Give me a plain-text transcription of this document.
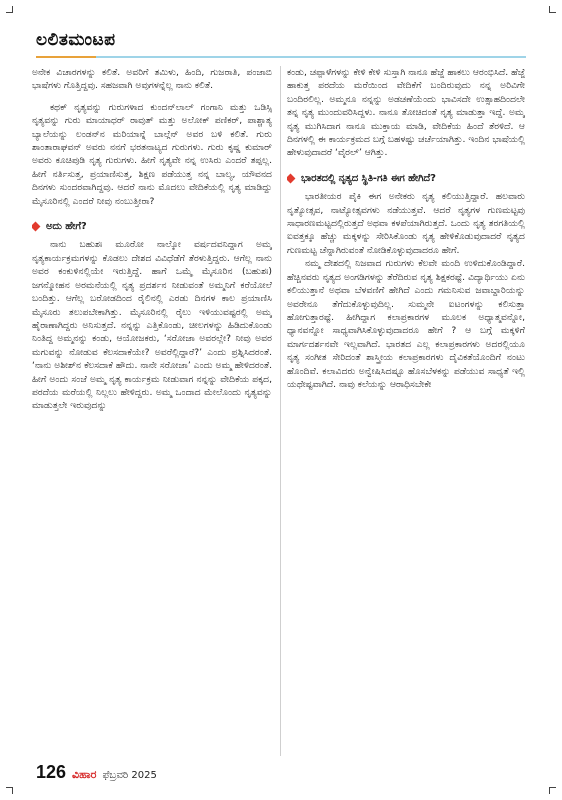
ಲಲಿತಮಂಟಪ

ಅನೇಕ ವಿಚಾರಗಳನ್ನು ಕಲಿತೆ. ಅವರಿಗೆ ತಮಿಳು, ಹಿಂದಿ, ಗುಜರಾತಿ, ಪಂಜಾಬಿ ಭಾಷೆಗಳು ಗೊತ್ತಿದ್ದವು. ಸಹಜವಾಗಿ ಅವುಗಳನ್ನೆಲ್ಲ ನಾನು ಕಲಿತೆ.

ಕಥಕ್ ನೃತ್ಯವನ್ನು ಗುರುಗಳಾದ ಕುಂದನ್‌ಲಾಲ್ ಗಂಗಾನಿ ಮತ್ತು ಒಡಿಸ್ಸಿ ನೃತ್ಯವನ್ನು ಗುರು ಮಾಯಾಧರ್ ರಾವುತ್ ಮತ್ತು ಅಲೋಕ್ ಪಣಿಕರ್, ಪಾಶ್ಚಾತ್ಯ ಬ್ಯಾಲೆಯನ್ನು ಲಂಡನ್‌ನ ಮರಿಯಾನ್ನೆ ಬಾಲ್ಗೆನ್ ಅವರ ಬಳಿ ಕಲಿತೆ. ಗುರು ಶಾಂತಾರಾಘವನ್ ಅವರು ನನಗೆ ಭರತನಾಟ್ಯದ ಗುರುಗಳು. ಗುರು ಕೃಷ್ಣ ಕುಮಾರ್ ಅವರು ಕೂಚಿಪುಡಿ ನೃತ್ಯ ಗುರುಗಳು. ಹೀಗೆ ನೃತ್ಯವೇ ನನ್ನ ಉಸಿರು ಎಂದರೆ ತಪ್ಪಲ್ಲ. ಹೀಗೆ ನರ್ತಿಸುತ್ತ, ಪ್ರಯಾಣಿಸುತ್ತ, ಶಿಕ್ಷಣ ಪಡೆಯುತ್ತ ನನ್ನ ಬಾಲ್ಯ, ಯೌವನದ ದಿನಗಳು ಸುಂದರವಾಗಿದ್ದವು. ಆದರೆ ನಾನು ಮೊದಲು ವೇದಿಕೆಯಲ್ಲಿ ನೃತ್ಯ ಮಾಡಿದ್ದು ಮೈಸೂರಿನಲ್ಲಿ ಎಂದರೆ ನೀವು ನಂಬುತ್ತೀರಾ?

ಅದು ಹೇಗೆ?

ನಾನು ಬಹುಶಃ ಮೂರೋ ನಾಲ್ಕೋ ವರ್ಷದವನಿದ್ದಾಗ ಅಮ್ಮ ನೃತ್ಯಕಾರ್ಯಕ್ರಮಗಳನ್ನು ಕೊಡಲು ದೇಶದ ವಿವಿಧೆಡೆಗೆ ತೆರಳುತ್ತಿದ್ದರು. ಆಗೆಲ್ಲ ನಾನು ಅವರ ಕಂಕುಳಿನಲ್ಲಿಯೇ ಇರುತ್ತಿದ್ದೆ. ಹಾಗೆ ಒಮ್ಮೆ ಮೈಸೂರಿನ (ಬಹುಶಃ) ಜಗನ್ಮೋಹನ ಅರಮನೆಯಲ್ಲಿ ನೃತ್ಯ ಪ್ರದರ್ಶನ ನೀಡುವಂತೆ ಅಮ್ಮನಿಗೆ ಕರೆಯೋಲೆ ಬಂದಿತ್ತು. ಆಗೆಲ್ಲ ಬರೋಡದಿಂದ ರೈಲಿನಲ್ಲಿ ಎರಡು ದಿನಗಳ ಕಾಲ ಪ್ರಯಾಣಿಸಿ ಮೈಸೂರು ತಲುಪಬೇಕಾಗಿತ್ತು. ಮೈಸೂರಿನಲ್ಲಿ ರೈಲು ಇಳಿಯುವಷ್ಟರಲ್ಲಿ ಅಮ್ಮ ಹೈರಾಣಾಗಿದ್ದರು ಅನಿಸುತ್ತದೆ. ನನ್ನನ್ನು ಎತ್ತಿಕೊಂಡು, ಚೀಲಗಳನ್ನು ಹಿಡಿದುಕೊಂಡು ನಿಂತಿದ್ದ ಅಮ್ಮನನ್ನು ಕಂಡು, ಆಯೋಜಕರು, ‘ಸರೋಜಾ ಅವರಲ್ಲೇ? ನೀವು ಅವರ ಮಗುವನ್ನು ನೋಡುವ ಕೆಲಸದಾಕೆಯೇ? ಅವರೆಲ್ಲಿದ್ದಾರೆ?’ ಎಂದು ಪ್ರಶ್ನಿಸಿದರಂತೆ. ‘ನಾನು ಅಶೀಶ್‌ನ ಕೆಲಸದಾಕೆ ಹೌದು. ನಾನೇ ಸರೋಜಾ’ ಎಂದು ಅಮ್ಮ ಹೇಳಿದರಂತೆ. ಹೀಗೆ ಅಂದು ಸಂಜೆ ಅಮ್ಮ ನೃತ್ಯ ಕಾರ್ಯಕ್ರಮ ನೀಡುವಾಗ ನನ್ನನ್ನು ವೇದಿಕೆಯ ಪಕ್ಕದ, ಪರದೆಯ ಮರೆಯಲ್ಲಿ ನಿಲ್ಲಲು ಹೇಳಿದ್ದರು. ಅಮ್ಮ ಒಂದಾದ ಮೇಲೊಂದು ನೃತ್ಯವನ್ನು ಮಾಡುತ್ತಲೇ ಇರುವುದನ್ನು

ಕಂಡು, ಚಪ್ಪಾಳೆಗಳನ್ನು ಕೇಳಿ ಕೇಳಿ ಸುಸ್ತಾಗಿ ನಾನೂ ಹೆಜ್ಜೆ ಹಾಕಲು ಆರಂಭಿಸಿದೆ. ಹೆಜ್ಜೆ ಹಾಕುತ್ತ ಪರದೆಯ ಮರೆಯಿಂದ ವೇದಿಕೆಗೆ ಬಂದಿರುವುದು ನನ್ನ ಅರಿವಿಗೇ ಬಂದಿರಲಿಲ್ಲ. ಅಮ್ಮನೂ ನನ್ನನ್ನು ಅಡಚಣೆಯೆಂದು ಭಾವಿಸದೇ ಉತ್ಸಾಹದಿಂದಲೇ ತನ್ನ ನೃತ್ಯ ಮುಂದುವರಿಸಿದ್ದಳು. ನಾನೂ ತೋಚಿದಂತೆ ನೃತ್ಯ ಮಾಡುತ್ತಾ ಇದ್ದೆ. ಅಮ್ಮ ನೃತ್ಯ ಮುಗಿಸಿದಾಗ ನಾನೂ ಮುಕ್ತಾಯ ಮಾಡಿ, ವೇದಿಕೆಯ ಹಿಂದೆ ತೆರಳಿದೆ. ಆ ದಿನಗಳಲ್ಲಿ ಈ ಕಾರ್ಯಕ್ರಮದ ಬಗ್ಗೆ ಬಹಳಷ್ಟು ಚರ್ಚೆಯಾಗಿತ್ತು. ಇಂದಿನ ಭಾಷೆಯಲ್ಲಿ ಹೇಳುವುದಾದರೆ ‘ವೈರಲ್’ ಆಗಿತ್ತು.

ಭಾರತದಲ್ಲಿ ನೃತ್ಯದ ಸ್ಥಿತಿ-ಗತಿ ಈಗ ಹೇಗಿದೆ?

ಭಾರತೀಯರ ಪೈಕಿ ಈಗ ಅನೇಕರು ನೃತ್ಯ ಕಲಿಯುತ್ತಿದ್ದಾರೆ. ಹಲವಾರು ನೃತ್ಯೋತ್ಸವ, ನಾಟ್ಯೋತ್ಸವಗಳು ನಡೆಯುತ್ತವೆ. ಆದರೆ ನೃತ್ಯಗಳ ಗುಣಮಟ್ಟವು ಸಾಧಾರಣಮಟ್ಟದಲ್ಲಿರುತ್ತದೆ ಅಥವಾ ಕಳಪೆಯಾಗಿರುತ್ತದೆ. ಒಂದು ನೃತ್ಯ ತರಗತಿಯಲ್ಲಿ ಐವತ್ತಕ್ಕೂ ಹೆಚ್ಚು ಮಕ್ಕಳನ್ನು ಸೇರಿಸಿಕೊಂಡು ನೃತ್ಯ ಹೇಳಿಕೊಡುವುದಾದರೆ ನೃತ್ಯದ ಗುಣಮಟ್ಟ ಚೆನ್ನಾಗಿರುವಂತೆ ನೋಡಿಕೊಳ್ಳುವುದಾದರೂ ಹೇಗೆ.

ನಮ್ಮ ದೇಶದಲ್ಲಿ ನಿಜವಾದ ಗುರುಗಳು ಕೆಲವೇ ಮಂದಿ ಉಳಿದುಕೊಂಡಿದ್ದಾರೆ. ಹೆಚ್ಚಿನವರು ನೃತ್ಯದ ಅಂಗಡಿಗಳನ್ನು ತೆರೆದಿರುವ ನೃತ್ಯ ಶಿಕ್ಷಕರಷ್ಟೆ. ವಿದ್ಯಾರ್ಥಿಯು ಏನು ಕಲಿಯುತ್ತಾನೆ ಅಥವಾ ಬೆಳವಣಿಗೆ ಹೇಗಿದೆ ಎಂದು ಗಮನಿಸುವ ಜವಾಬ್ದಾರಿಯನ್ನು ಅವರೇನೂ ತೆಗೆದುಕೊಳ್ಳುವುದಿಲ್ಲ. ಸುಮ್ಮನೇ ಐಟಂಗಳನ್ನು ಕಲಿಸುತ್ತಾ ಹೋಗುತ್ತಾರಷ್ಟೆ. ಹೀಗಿದ್ದಾಗ ಕಲಾಪ್ರಕಾರಗಳ ಮೂಲಕ ಅಧ್ಯಾತ್ಮವನ್ನೋ, ಧ್ಯಾನವನ್ನೋ ಸಾಧ್ಯವಾಗಿಸಿಕೊಳ್ಳುವುದಾದರೂ ಹೇಗೆ ? ಆ ಬಗ್ಗೆ ಮಕ್ಕಳಿಗೆ ಮಾರ್ಗದರ್ಶನವೇ ಇಲ್ಲವಾಗಿದೆ. ಭಾರತದ ಎಲ್ಲ ಕಲಾಪ್ರಕಾರಗಳು ಅದರಲ್ಲಿಯೂ ನೃತ್ಯ ಸಂಗೀತ ಸೇರಿದಂತೆ ಶಾಸ್ತ್ರೀಯ ಕಲಾಪ್ರಕಾರಗಳು ದೈವಿಕತೆಯೊಂದಿಗೆ ನಂಟು ಹೊಂದಿವೆ. ಕಲಾವಿದರು ಅನ್ವೇಷಿಸಿದಷ್ಟೂ ಹೊಸಬೆಳಕನ್ನು ಪಡೆಯುವ ಸಾಧ್ಯತೆ ಇಲ್ಲಿ ಯಥೇಷ್ಟವಾಗಿದೆ. ನಾವು ಕಲೆಯನ್ನು ಆರಾಧಿಸಬೇಕೇ

126 ವಿಹಾರ ಫೆಬ್ರವರಿ 2025
